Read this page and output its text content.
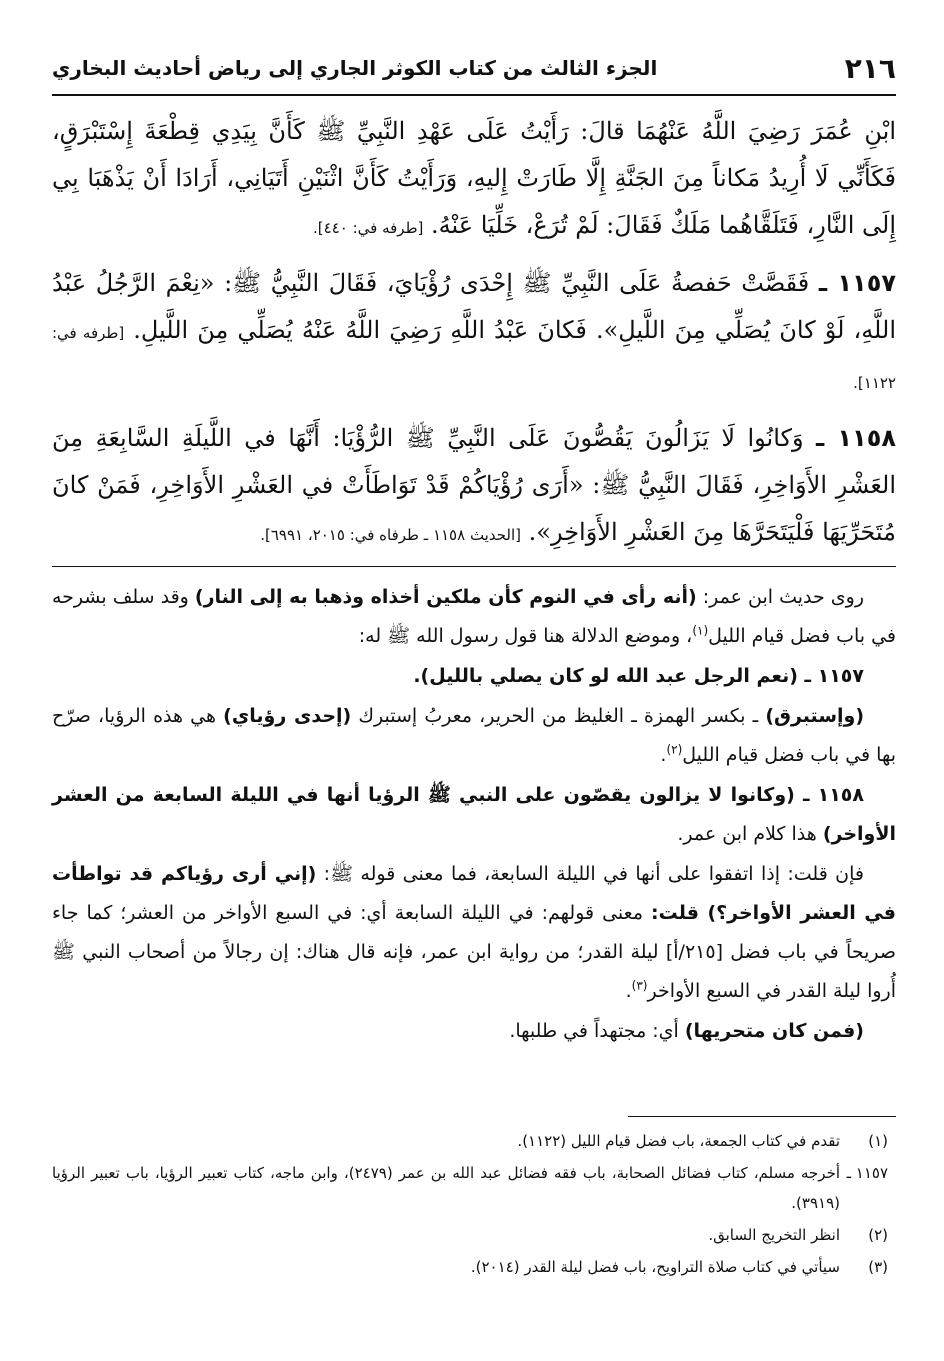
٢١٦
الجزء الثالث من كتاب الكوثر الجاري إلى رياض أحاديث البخاري

ابْنِ عُمَرَ رَضِيَ اللَّهُ عَنْهُمَا قالَ: رَأَيْتُ عَلَى عَهْدِ النَّبِيِّ ﷺ كَأَنَّ بِيَدِي قِطْعَةَ إِسْتَبْرَقٍ، فَكَأَنِّي لَا أُرِيدُ مَكاناً مِنَ الجَنَّةِ إِلَّا طَارَتْ إِليهِ، وَرَأَيْتُ كَأَنَّ اثْنَيْنِ أَتَيَانِي، أَرَادَا أَنْ يَذْهَبَا بِي إِلَى النَّارِ، فَتَلَقَّاهُما مَلَكٌ فَقَالَ: لَمْ تُرَعْ، خَلِّيَا عَنْهُ. [طرفه في: ٤٤٠].

١١٥٧ ـ فَقَصَّتْ حَفصةُ عَلَى النَّبِيِّ ﷺ إِحْدَى رُؤْيَايَ، فَقَالَ النَّبِيُّ ﷺ: «نِعْمَ الرَّجُلُ عَبْدُ اللَّهِ، لَوْ كانَ يُصَلِّي مِنَ اللَّيلِ». فَكانَ عَبْدُ اللَّهِ رَضِيَ اللَّهُ عَنْهُ يُصَلِّي مِنَ اللَّيلِ. [طرفه في: ١١٢٢].

١١٥٨ ـ وَكانُوا لَا يَزَالُونَ يَقُصُّونَ عَلَى النَّبِيِّ ﷺ الرُّؤْيَا: أَنَّهَا في اللَّيلَةِ السَّابِعَةِ مِنَ العَشْرِ الأَوَاخِرِ، فَقَالَ النَّبِيُّ ﷺ: «أَرَى رُؤْيَاكُمْ قَدْ تَوَاطَأَتْ في العَشْرِ الأَوَاخِرِ، فَمَنْ كانَ مُتَحَرِّيَهَا فَلْيَتَحَرَّهَا مِنَ العَشْرِ الأَوَاخِرِ». [الحديث ١١٥٨ ـ طرفاه في: ٢٠١٥، ٦٩٩١].

روى حديث ابن عمر: (أنه رأى في النوم كأن ملكين أخذاه وذهبا به إلى النار) وقد سلف بشرحه في باب فضل قيام الليل$^{(١)}$، وموضع الدلالة هنا قول رسول الله ﷺ له:

١١٥٧ ـ (نعم الرجل عبد الله لو كان يصلي بالليل).

(وإستبرق) ـ بكسر الهمزة ـ الغليظ من الحرير، معربُ إستبرك (إحدى رؤياي) هي هذه الرؤيا، صرّح بها في باب فضل قيام الليل$^{(٢)}$.

١١٥٨ ـ (وكانوا لا يزالون يقصّون على النبي ﷺ الرؤيا أنها في الليلة السابعة من العشر الأواخر) هذا كلام ابن عمر.

فإن قلت: إذا اتفقوا على أنها في الليلة السابعة، فما معنى قوله ﷺ: (إني أرى رؤياكم قد تواطأت في العشر الأواخر؟) قلت: معنى قولهم: في الليلة السابعة أي: في السبع الأواخر من العشر؛ كما جاء صريحاً في باب فضل [٢١٥/أ] ليلة القدر؛ من رواية ابن عمر، فإنه قال هناك: إن رجالاً من أصحاب النبي ﷺ أُروا ليلة القدر في السبع الأواخر$^{(٣)}$.

(فمن كان متحريها) أي: مجتهداً في طلبها.

(١)تقدم في كتاب الجمعة، باب فضل قيام الليل (١١٢٢).

١١٥٧ ـأخرجه مسلم، كتاب فضائل الصحابة، باب فقه فضائل عبد الله بن عمر (٢٤٧٩)، وابن ماجه، كتاب تعبير الرؤيا، باب تعبير الرؤيا (٣٩١٩).

(٢)انظر التخريج السابق.

(٣)سيأتي في كتاب صلاة التراويح، باب فضل ليلة القدر (٢٠١٤).
